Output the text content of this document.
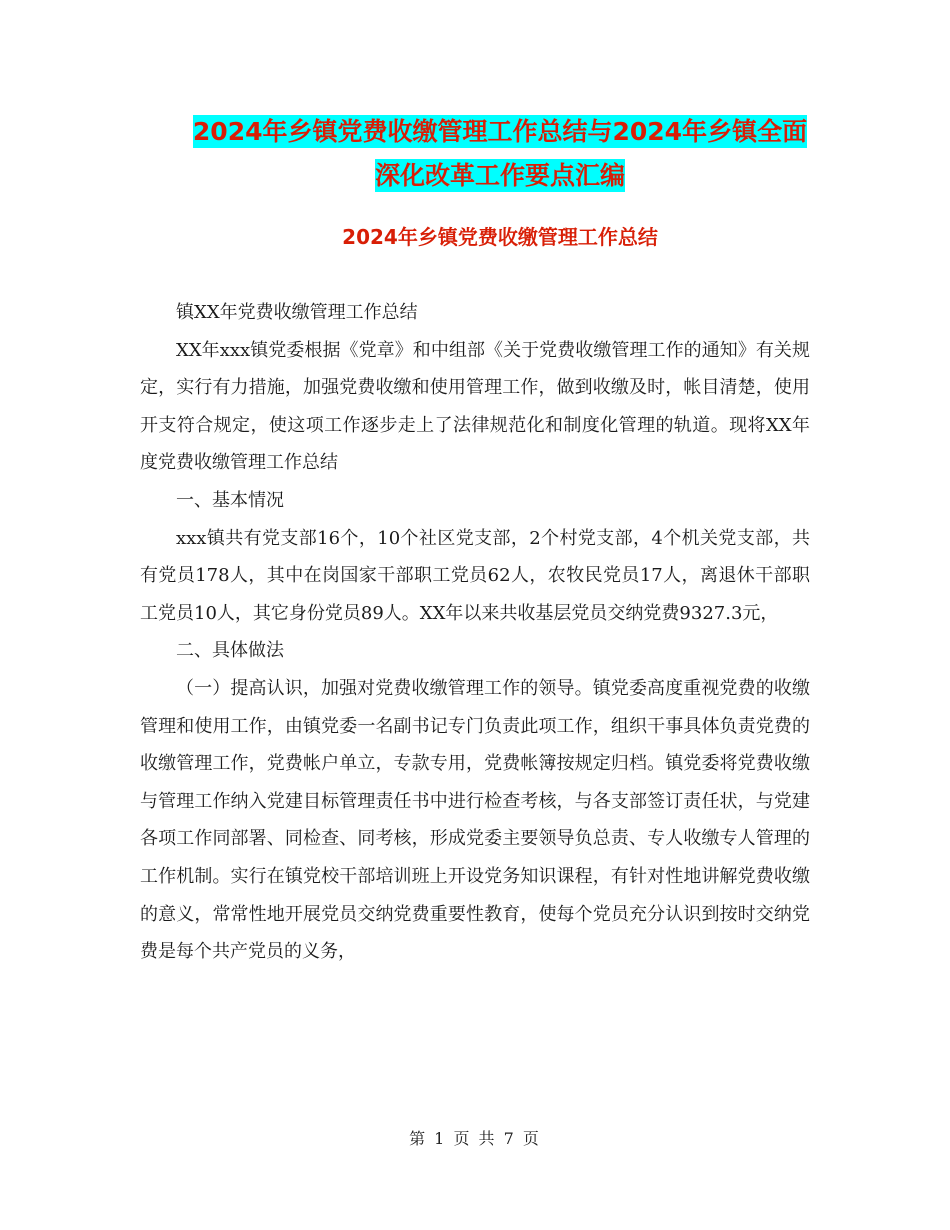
2024年乡镇党费收缴管理工作总结与2024年乡镇全面
深化改革工作要点汇编
2024年乡镇党费收缴管理工作总结

镇XX年党费收缴管理工作总结

XX年xxx镇党委根据《党章》和中组部《关于党费收缴管理工作的通知》有关规定，实行有力措施，加强党费收缴和使用管理工作，做到收缴及时，帐目清楚，使用开支符合规定，使这项工作逐步走上了法律规范化和制度化管理的轨道。现将XX年度党费收缴管理工作总结

一、基本情况

xxx镇共有党支部16个，10个社区党支部，2个村党支部，4个机关党支部，共有党员178人，其中在岗国家干部职工党员62人，农牧民党员17人，离退休干部职工党员10人，其它身份党员89人。XX年以来共收基层党员交纳党费9327.3元，

二、具体做法

（一）提高认识，加强对党费收缴管理工作的领导。镇党委高度重视党费的收缴管理和使用工作，由镇党委一名副书记专门负责此项工作，组织干事具体负责党费的收缴管理工作，党费帐户单立，专款专用，党费帐簿按规定归档。镇党委将党费收缴与管理工作纳入党建目标管理责任书中进行检查考核，与各支部签订责任状，与党建各项工作同部署、同检查、同考核，形成党委主要领导负总责、专人收缴专人管理的工作机制。实行在镇党校干部培训班上开设党务知识课程，有针对性地讲解党费收缴的意义，常常性地开展党员交纳党费重要性教育，使每个党员充分认识到按时交纳党费是每个共产党员的义务，

第 1 页 共 7 页
